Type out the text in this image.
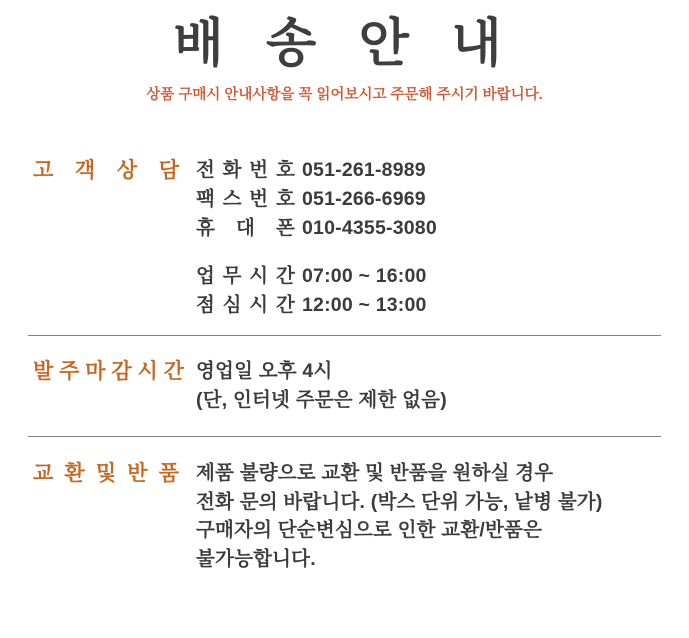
배 송 안 내
상품 구매시 안내사항을 꼭 읽어보시고 주문해 주시기 바랍니다.
고 객 상 담 전 화 번 호 051-261-8989
팩 스 번 호 051-266-6969
휴 대 폰 010-4355-3080
업 무 시 간 07:00 ~ 16:00
점 심 시 간 12:00 ~ 13:00
발 주 마 감 시 간 영업일 오후 4시
(단, 인터넷 주문은 제한 없음)
교 환 및 반 품 제품 불량으로 교환 및 반품을 원하실 경우
전화 문의 바랍니다. (박스 단위 가능, 낱병 불가)
구매자의 단순변심으로 인한 교환/반품은
불가능합니다.
